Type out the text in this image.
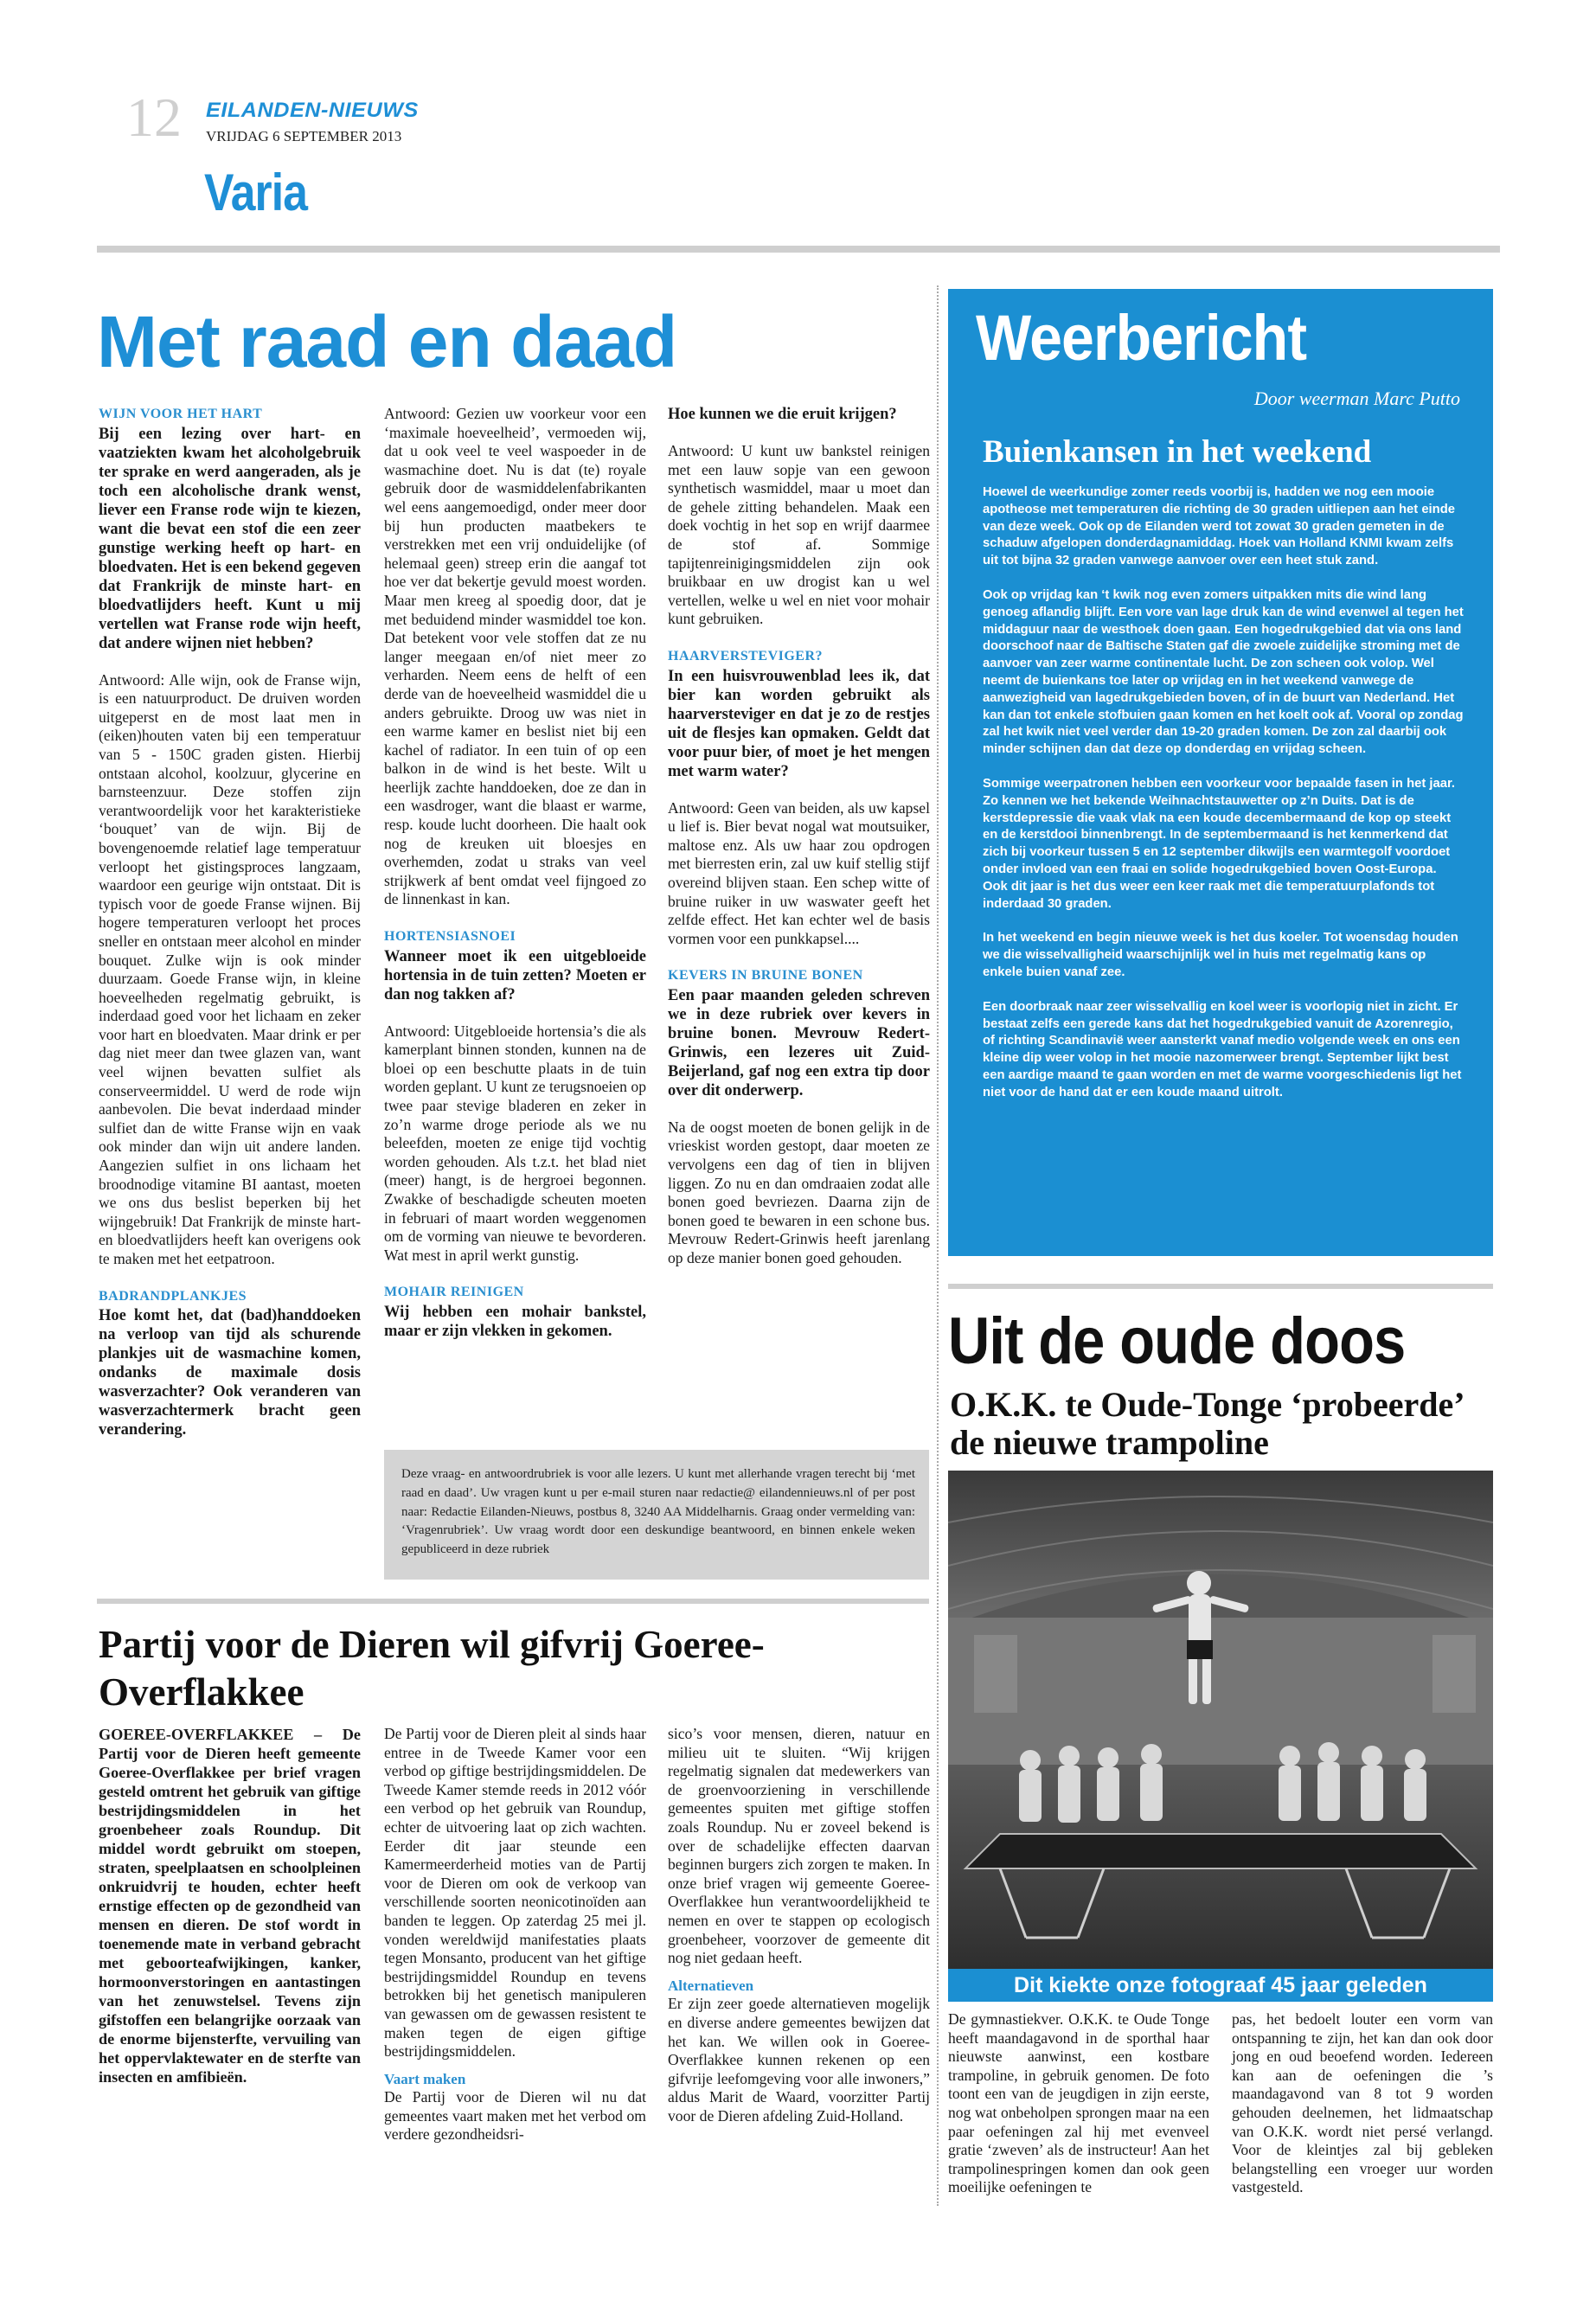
12 EILANDEN-NIEUWS
VRIJDAG 6 SEPTEMBER 2013
Varia
Met raad en daad
WIJN VOOR HET HART

Bij een lezing over hart- en vaatziekten kwam het alcoholgebruik ter sprake en werd aangeraden, als je toch een alcoholische drank wenst, liever een Franse rode wijn te kiezen, want die bevat een stof die een zeer gunstige werking heeft op hart- en bloedvaten. Het is een bekend gegeven dat Frankrijk de minste hart- en bloedvatlijders heeft. Kunt u mij vertellen wat Franse rode wijn heeft, dat andere wijnen niet hebben?

Antwoord: Alle wijn, ook de Franse wijn, is een natuurproduct. De druiven worden uitgeperst en de most laat men in (eiken)houten vaten bij een temperatuur van 5 - 150C graden gisten. Hierbij ontstaan alcohol, koolzuur, glycerine en barnsteenzuur. Deze stoffen zijn verantwoordelijk voor het karakteristieke ‘bouquet’ van de wijn. Bij de bovengenoemde relatief lage temperatuur verloopt het gistingsproces langzaam, waardoor een geurige wijn ontstaat. Dit is typisch voor de goede Franse wijnen. Bij hogere temperaturen verloopt het proces sneller en ontstaan meer alcohol en minder bouquet. Zulke wijn is ook minder duurzaam. Goede Franse wijn, in kleine hoeveelheden regelmatig gebruikt, is inderdaad goed voor het lichaam en zeker voor hart en bloedvaten. Maar drink er per dag niet meer dan twee glazen van, want veel wijnen bevatten sulfiet als conserveermiddel. U werd de rode wijn aanbevolen. Die bevat inderdaad minder sulfiet dan de witte Franse wijn en vaak ook minder dan wijn uit andere landen. Aangezien sulfiet in ons lichaam het broodnodige vitamine BI aantast, moeten we ons dus beslist beperken bij het wijngebruik! Dat Frankrijk de minste hart- en bloedvatlijders heeft kan overigens ook te maken met het eetpatroon.

BADRANDPLANKJES

Hoe komt het, dat (bad)handdoeken na verloop van tijd als schurende plankjes uit de wasmachine komen, ondanks de maximale dosis wasverzachter? Ook veranderen van wasverzachtermerk bracht geen verandering.

Antwoord: Gezien uw voorkeur voor een ‘maximale hoeveelheid’, vermoeden wij, dat u ook veel te veel waspoeder in de wasmachine doet. Nu is dat (te) royale gebruik door de wasmiddelenfabrikanten wel eens aangemoedigd, onder meer door bij hun producten maatbekers te verstrekken met een vrij onduidelijke (of helemaal geen) streep erin die aangaf tot hoe ver dat bekertje gevuld moest worden. Maar men kreeg al spoedig door, dat je met beduidend minder wasmiddel toe kon. Dat betekent voor vele stoffen dat ze nu langer meegaan en/of niet meer zo verharden. Neem eens de helft of een derde van de hoeveelheid wasmiddel die u anders gebruikte. Droog uw was niet in een warme kamer en beslist niet bij een kachel of radiator. In een tuin of op een balkon in de wind is het beste. Wilt u heerlijk zachte handdoeken, doe ze dan in een wasdroger, want die blaast er warme, resp. koude lucht doorheen. Die haalt ook nog de kreuken uit bloesjes en overhemden, zodat u straks van veel strijkwerk af bent omdat veel fijngoed zo de linnenkast in kan.

HORTENSIASNOEI

Wanneer moet ik een uitgebloeide hortensia in de tuin zetten? Moeten er dan nog takken af?

Antwoord: Uitgebloeide hortensia’s die als kamerplant binnen stonden, kunnen na de bloei op een beschutte plaats in de tuin worden geplant. U kunt ze terugsnoeien op twee paar stevige bladeren en zeker in zo’n warme droge periode als we nu beleefden, moeten ze enige tijd vochtig worden gehouden. Als t.z.t. het blad niet (meer) hangt, is de hergroei begonnen. Zwakke of beschadigde scheuten moeten in februari of maart worden weggenomen om de vorming van nieuwe te bevorderen. Wat mest in april werkt gunstig.

MOHAIR REINIGEN

Wij hebben een mohair bankstel, maar er zijn vlekken in gekomen.

Hoe kunnen we die eruit krijgen?

Antwoord: U kunt uw bankstel reinigen met een lauw sopje van een gewoon synthetisch wasmiddel, maar u moet dan de gehele zitting behandelen. Maak een doek vochtig in het sop en wrijf daarmee de stof af. Sommige tapijtenreinigingsmiddelen zijn ook bruikbaar en uw drogist kan u wel vertellen, welke u wel en niet voor mohair kunt gebruiken.

HAARVERSTEVIGER?

In een huisvrouwenblad lees ik, dat bier kan worden gebruikt als haarversteviger en dat je zo de restjes uit de flesjes kan opmaken. Geldt dat voor puur bier, of moet je het mengen met warm water?

Antwoord: Geen van beiden, als uw kapsel u lief is. Bier bevat nogal wat moutsuiker, maltose enz. Als uw haar zou opdrogen met bierresten erin, zal uw kuif stellig stijf overeind blijven staan. Een schep witte of bruine ruiker in uw waswater geeft het zelfde effect. Het kan echter wel de basis vormen voor een punkkapsel....

KEVERS IN BRUINE BONEN

Een paar maanden geleden schreven we in deze rubriek over kevers in bruine bonen. Mevrouw Redert-Grinwis, een lezeres uit Zuid-Beijerland, gaf nog een extra tip door over dit onderwerp.

Na de oogst moeten de bonen gelijk in de vrieskist worden gestopt, daar moeten ze vervolgens een dag of tien in blijven liggen. Zo nu en dan omdraaien zodat alle bonen goed bevriezen. Daarna zijn de bonen goed te bewaren in een schone bus. Mevrouw Redert-Grinwis heeft jarenlang op deze manier bonen goed gehouden.

Deze vraag- en antwoordrubriek is voor alle lezers. U kunt met allerhande vragen terecht bij ‘met raad en daad’. Uw vragen kunt u per e-mail sturen naar redactie@ eilandennieuws.nl of per post naar: Redactie Eilanden-Nieuws, postbus 8, 3240 AA Middelharnis. Graag onder vermelding van: ‘Vragenrubriek’. Uw vraag wordt door een deskundige beantwoord, en binnen enkele weken gepubliceerd in deze rubriek
Weerbericht
Door weerman Marc Putto
Buienkansen in het weekend

Hoewel de weerkundige zomer reeds voorbij is, hadden we nog een mooie apotheose met temperaturen die richting de 30 graden uitliepen aan het einde van deze week. Ook op de Eilanden werd tot zowat 30 graden gemeten in de schaduw afgelopen donderdagnamiddag. Hoek van Holland KNMI kwam zelfs uit tot bijna 32 graden vanwege aanvoer over een heet stuk zand.

Ook op vrijdag kan ‘t kwik nog even zomers uitpakken mits die wind lang genoeg aflandig blijft. Een vore van lage druk kan de wind evenwel al tegen het middaguur naar de westhoek doen gaan. Een hogedrukgebied dat via ons land doorschoof naar de Baltische Staten gaf die zwoele zuidelijke stroming met de aanvoer van zeer warme continentale lucht. De zon scheen ook volop. Wel neemt de buienkans toe later op vrijdag en in het weekend vanwege de aanwezigheid van lagedrukgebieden boven, of in de buurt van Nederland. Het kan dan tot enkele stofbuien gaan komen en het koelt ook af. Vooral op zondag zal het kwik niet veel verder dan 19-20 graden komen. De zon zal daarbij ook minder schijnen dan dat deze op donderdag en vrijdag scheen.

Sommige weerpatronen hebben een voorkeur voor bepaalde fasen in het jaar. Zo kennen we het bekende Weihnachtstauwetter op z’n Duits. Dat is de kerstdepressie die vaak vlak na een koude decembermaand de kop op steekt en de kerstdooi binnenbrengt. In de septembermaand is het kenmerkend dat zich bij voorkeur tussen 5 en 12 september dikwijls een warmtegolf voordoet onder invloed van een fraai en solide hogedrukgebied boven Oost-Europa. Ook dit jaar is het dus weer een keer raak met die temperatuurplafonds tot inderdaad 30 graden.

In het weekend en begin nieuwe week is het dus koeler. Tot woensdag houden we die wisselvalligheid waarschijnlijk wel in huis met regelmatig kans op enkele buien vanaf zee.

Een doorbraak naar zeer wisselvallig en koel weer is voorlopig niet in zicht. Er bestaat zelfs een gerede kans dat het hogedrukgebied vanuit de Azorenregio, of richting Scandinavië weer aansterkt vanaf medio volgende week en ons een kleine dip weer volop in het mooie nazomerweer brengt. September lijkt best een aardige maand te gaan worden en met de warme voorgeschiedenis ligt het niet voor de hand dat er een koude maand uitrolt.

Uit de oude doos
O.K.K. te Oude-Tonge ‘probeerde’ de nieuwe trampoline
Dit kiekte onze fotograaf 45 jaar geleden
De gymnastiekver. O.K.K. te Oude Tonge heeft maandagavond in de sporthal haar nieuwste aanwinst, een kostbare trampoline, in gebruik genomen. De foto toont een van de jeugdigen in zijn eerste, nog wat onbeholpen sprongen maar na een paar oefeningen zal hij met evenveel gratie ‘zweven’ als de instructeur! Aan het trampolinespringen komen dan ook geen moeilijke oefeningen te
pas, het bedoelt louter een vorm van ontspanning te zijn, het kan dan ook door jong en oud beoefend worden. Iedereen kan aan de oefeningen die ’s maandagavond van 8 tot 9 worden gehouden deelnemen, het lidmaatschap van O.K.K. wordt niet persé verlangd. Voor de kleintjes zal bij gebleken belangstelling een vroeger uur worden vastgesteld.
Partij voor de Dieren wil gifvrij Goeree-Overflakkee

GOEREE-OVERFLAKKEE – De Partij voor de Dieren heeft gemeente Goeree-Overflakkee per brief vragen gesteld omtrent het gebruik van giftige bestrijdingsmiddelen in het groenbeheer zoals Roundup. Dit middel wordt gebruikt om stoepen, straten, speelplaatsen en schoolpleinen onkruidvrij te houden, echter heeft ernstige effecten op de gezondheid van mensen en dieren. De stof wordt in toenemende mate in verband gebracht met geboorteafwijkingen, kanker, hormoonverstoringen en aantastingen van het zenuwstelsel. Tevens zijn gifstoffen een belangrijke oorzaak van de enorme bijensterfte, vervuiling van het oppervlaktewater en de sterfte van insecten en amfibieën.

De Partij voor de Dieren pleit al sinds haar entree in de Tweede Kamer voor een verbod op giftige bestrijdingsmiddelen. De Tweede Kamer stemde reeds in 2012 vóór een verbod op het gebruik van Roundup, echter de uitvoering laat op zich wachten. Eerder dit jaar steunde een Kamermeerderheid moties van de Partij voor de Dieren om ook de verkoop van verschillende soorten neonicotinoïden aan banden te leggen. Op zaterdag 25 mei jl. vonden wereldwijd manifestaties plaats tegen Monsanto, producent van het giftige bestrijdingsmiddel Roundup en tevens betrokken bij het genetisch manipuleren van gewassen om de gewassen resistent te maken tegen de eigen giftige bestrijdingsmiddelen.

Vaart maken

De Partij voor de Dieren wil nu dat gemeentes vaart maken met het verbod om verdere gezondheidsri-

sico’s voor mensen, dieren, natuur en milieu uit te sluiten. “Wij krijgen regelmatig signalen dat medewerkers van de groenvoorziening in verschillende gemeentes spuiten met giftige stoffen zoals Roundup. Nu er zoveel bekend is over de schadelijke effecten daarvan beginnen burgers zich zorgen te maken. In onze brief vragen wij gemeente Goeree-Overflakkee hun verantwoordelijkheid te nemen en over te stappen op ecologisch groenbeheer, voorzover de gemeente dit nog niet gedaan heeft.

Alternatieven

Er zijn zeer goede alternatieven mogelijk en diverse andere gemeentes bewijzen dat het kan. We willen ook in Goeree-Overflakkee kunnen rekenen op een gifvrije leefomgeving voor alle inwoners,” aldus Marit de Waard, voorzitter Partij voor de Dieren afdeling Zuid-Holland.
